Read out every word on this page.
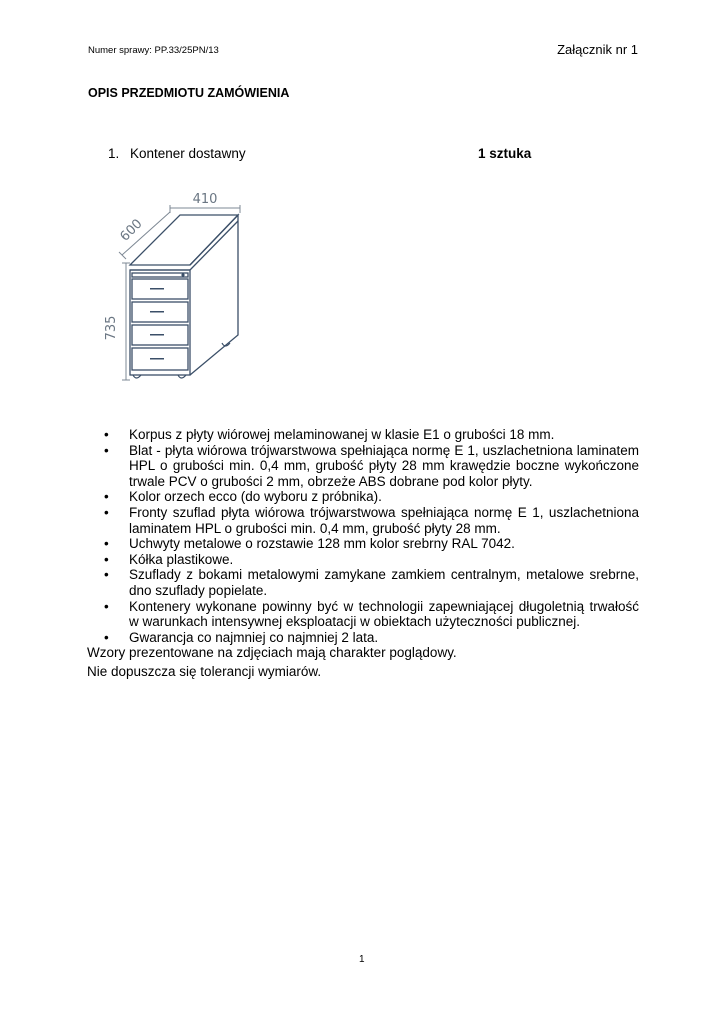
Numer sprawy: PP.33/25PN/13	Załącznik nr 1
OPIS PRZEDMIOTU ZAMÓWIENIA
1. Kontener dostawny	1 sztuka
410
600
735
• Korpus z płyty wiórowej melaminowanej w klasie E1 o grubości 18 mm.
• Blat - płyta wiórowa trójwarstwowa spełniająca normę E 1, uszlachetniona laminatem HPL o grubości min. 0,4 mm, grubość płyty 28 mm krawędzie boczne wykończone trwale PCV o grubości 2 mm, obrzeże ABS dobrane pod kolor płyty.
• Kolor orzech ecco (do wyboru z próbnika).
• Fronty szuflad płyta wiórowa trójwarstwowa spełniająca normę E 1, uszlachetniona laminatem HPL o grubości min. 0,4 mm, grubość płyty 28 mm.
• Uchwyty metalowe o rozstawie 128 mm kolor srebrny RAL 7042.
• Kółka plastikowe.
• Szuflady z bokami metalowymi zamykane zamkiem centralnym, metalowe srebrne, dno szuflady popielate.
• Kontenery wykonane powinny być w technologii zapewniającej długoletnią trwałość w warunkach intensywnej eksploatacji w obiektach użyteczności publicznej.
• Gwarancja co najmniej co najmniej 2 lata.
Wzory prezentowane na zdjęciach mają charakter poglądowy.
Nie dopuszcza się tolerancji wymiarów.
1
